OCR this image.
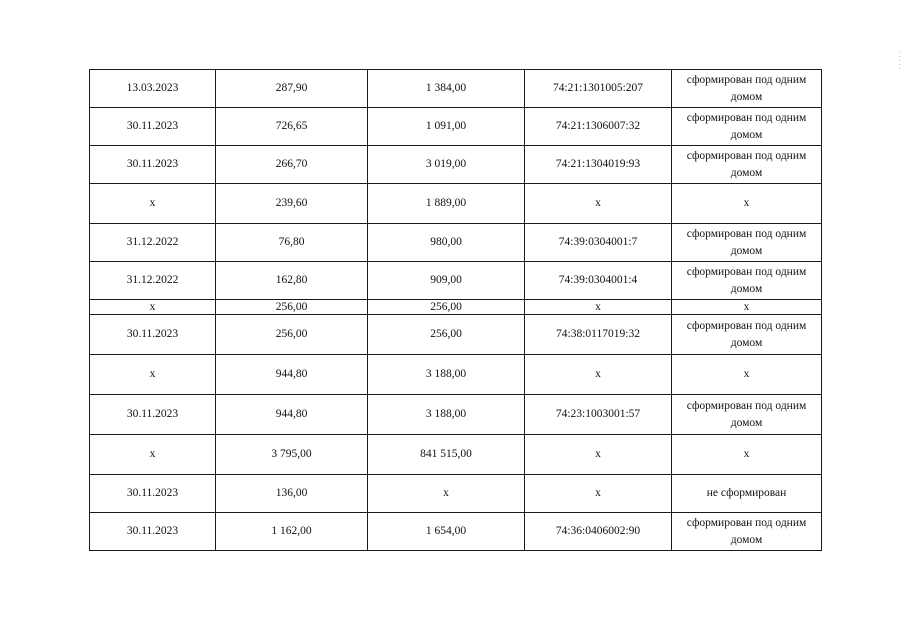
13.03.2023	287,90	1 384,00	74:21:1301005:207	сформирован под одним домом
30.11.2023	726,65	1 091,00	74:21:1306007:32	сформирован под одним домом
30.11.2023	266,70	3 019,00	74:21:1304019:93	сформирован под одним домом
х	239,60	1 889,00	х	х
31.12.2022	76,80	980,00	74:39:0304001:7	сформирован под одним домом
31.12.2022	162,80	909,00	74:39:0304001:4	сформирован под одним домом
х	256,00	256,00	х	х
30.11.2023	256,00	256,00	74:38:0117019:32	сформирован под одним домом
х	944,80	3 188,00	х	х
30.11.2023	944,80	3 188,00	74:23:1003001:57	сформирован под одним домом
х	3 795,00	841 515,00	х	х
30.11.2023	136,00	х	х	не сформирован
30.11.2023	1 162,00	1 654,00	74:36:0406002:90	сформирован под одним домом
